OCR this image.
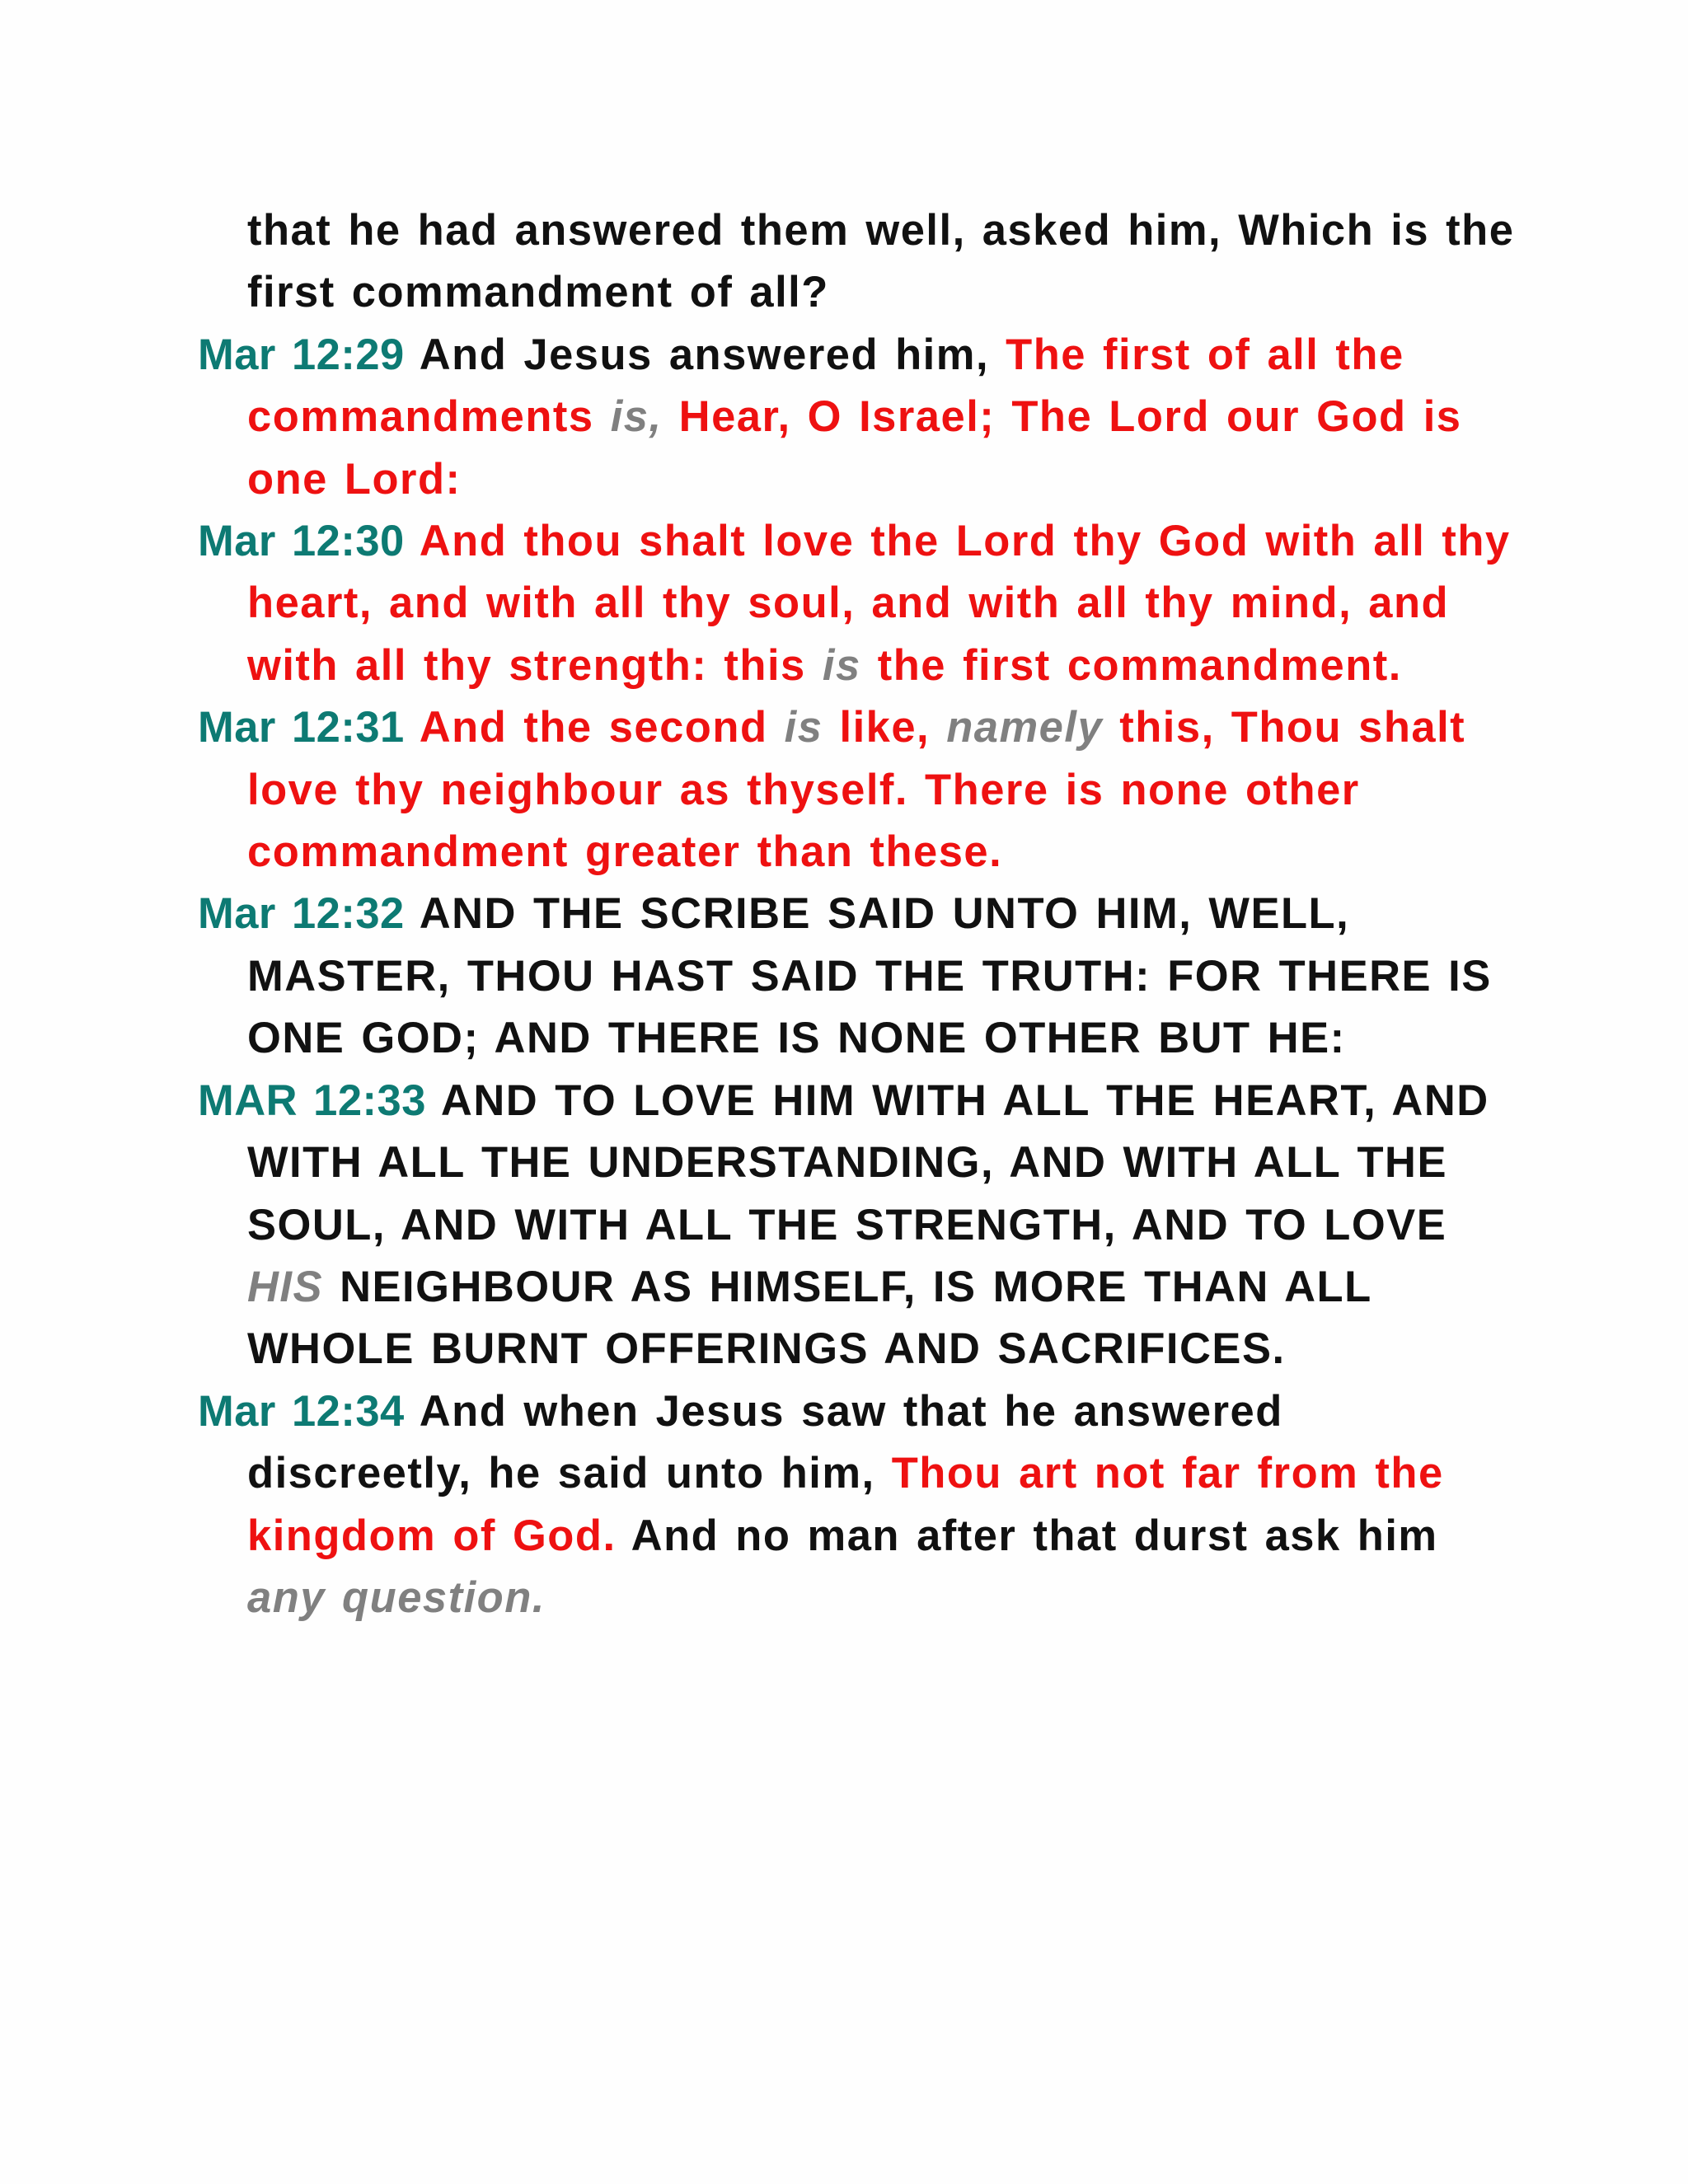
that he had answered them well, asked him, Which is the first commandment of all?

Mar 12:29 And Jesus answered him, The first of all the commandments is, Hear, O Israel; The Lord our God is one Lord:

Mar 12:30 And thou shalt love the Lord thy God with all thy heart, and with all thy soul, and with all thy mind, and with all thy strength: this is the first commandment.

Mar 12:31 And the second is like, namely this, Thou shalt love thy neighbour as thyself. There is none other commandment greater than these.

Mar 12:32 AND THE SCRIBE SAID UNTO HIM, WELL, MASTER, THOU HAST SAID THE TRUTH: FOR THERE IS ONE GOD; AND THERE IS NONE OTHER BUT HE:

MAR 12:33 AND TO LOVE HIM WITH ALL THE HEART, AND WITH ALL THE UNDERSTANDING, AND WITH ALL THE SOUL, AND WITH ALL THE STRENGTH, AND TO LOVE HIS NEIGHBOUR AS HIMSELF, IS MORE THAN ALL WHOLE BURNT OFFERINGS AND SACRIFICES.

Mar 12:34 And when Jesus saw that he answered discreetly, he said unto him, Thou art not far from the kingdom of God. And no man after that durst ask him any question.
